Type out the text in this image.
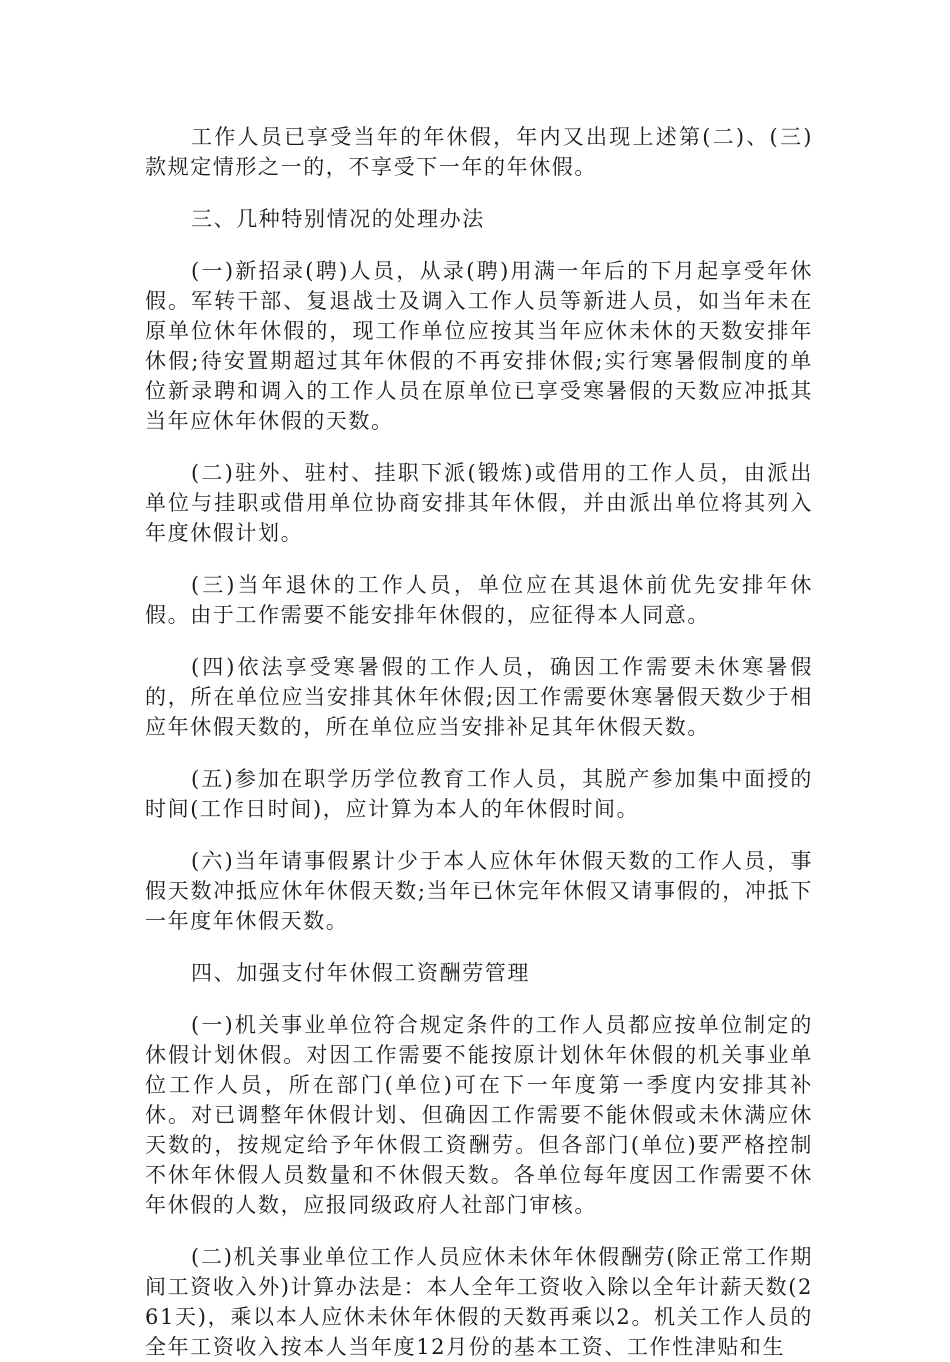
工作人员已享受当年的年休假，年内又出现上述第(二)、(三)款规定情形之一的，不享受下一年的年休假。

三、几种特别情况的处理办法

(一)新招录(聘)人员，从录(聘)用满一年后的下月起享受年休假。军转干部、复退战士及调入工作人员等新进人员，如当年未在原单位休年休假的，现工作单位应按其当年应休未休的天数安排年休假;待安置期超过其年休假的不再安排休假;实行寒暑假制度的单位新录聘和调入的工作人员在原单位已享受寒暑假的天数应冲抵其当年应休年休假的天数。

(二)驻外、驻村、挂职下派(锻炼)或借用的工作人员，由派出单位与挂职或借用单位协商安排其年休假，并由派出单位将其列入年度休假计划。

(三)当年退休的工作人员，单位应在其退休前优先安排年休假。由于工作需要不能安排年休假的，应征得本人同意。

(四)依法享受寒暑假的工作人员，确因工作需要未休寒暑假的，所在单位应当安排其休年休假;因工作需要休寒暑假天数少于相应年休假天数的，所在单位应当安排补足其年休假天数。

(五)参加在职学历学位教育工作人员，其脱产参加集中面授的时间(工作日时间)，应计算为本人的年休假时间。

(六)当年请事假累计少于本人应休年休假天数的工作人员，事假天数冲抵应休年休假天数;当年已休完年休假又请事假的，冲抵下一年度年休假天数。

四、加强支付年休假工资酬劳管理

(一)机关事业单位符合规定条件的工作人员都应按单位制定的休假计划休假。对因工作需要不能按原计划休年休假的机关事业单位工作人员，所在部门(单位)可在下一年度第一季度内安排其补休。对已调整年休假计划、但确因工作需要不能休假或未休满应休天数的，按规定给予年休假工资酬劳。但各部门(单位)要严格控制不休年休假人员数量和不休假天数。各单位每年度因工作需要不休年休假的人数，应报同级政府人社部门审核。

(二)机关事业单位工作人员应休未休年休假酬劳(除正常工作期间工资收入外)计算办法是：本人全年工资收入除以全年计薪天数(261天)，乘以本人应休未休年休假的天数再乘以2。机关工作人员的全年工资收入按本人当年度12月份的基本工资、工作性津贴和生
